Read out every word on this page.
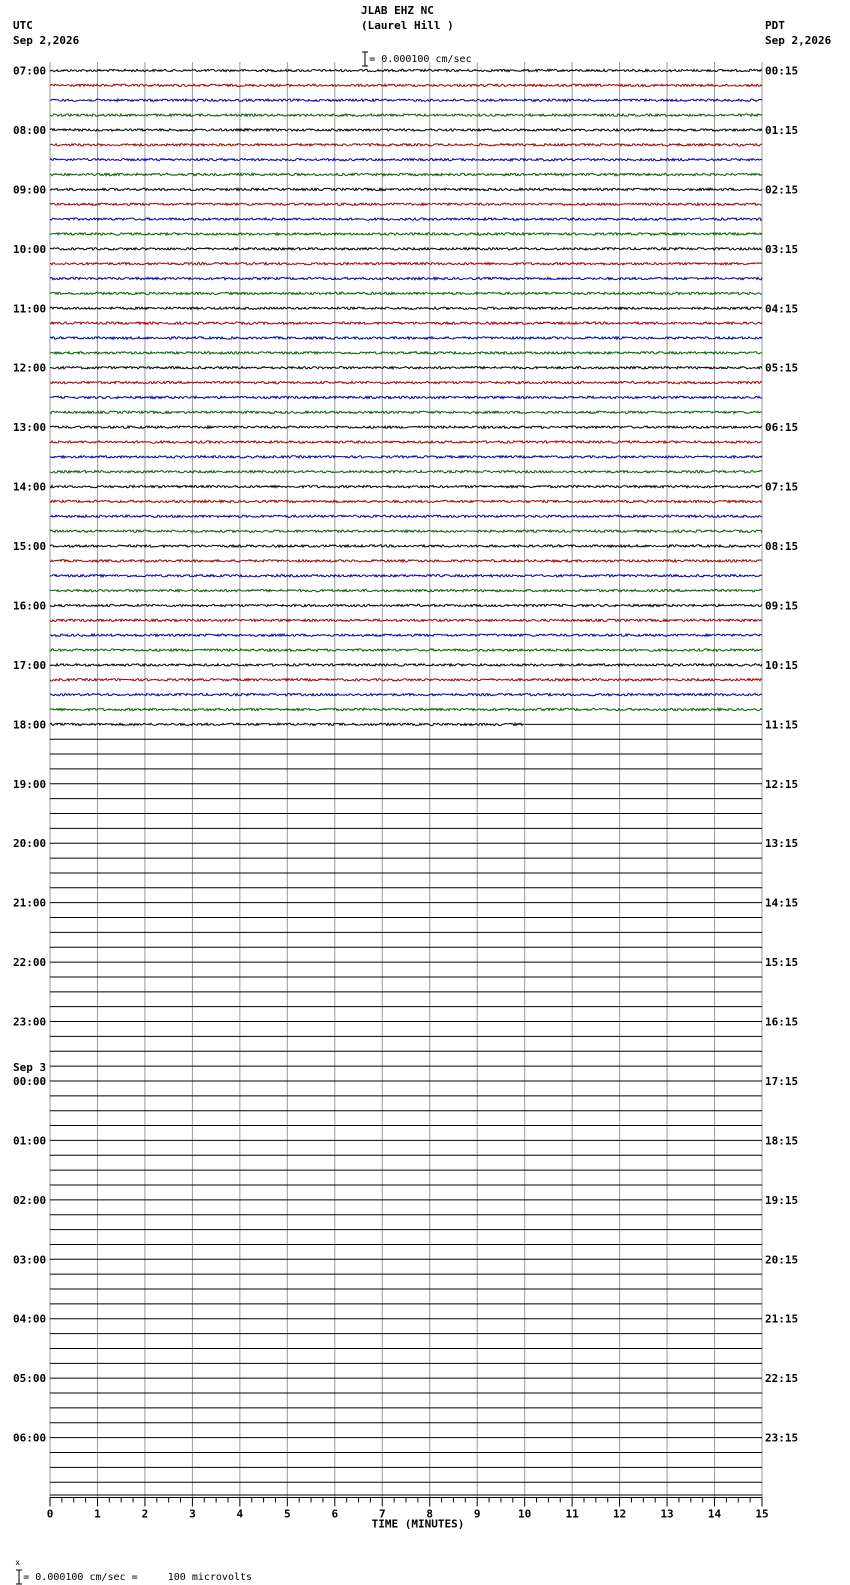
JLAB EHZ NC
(Laurel Hill )

= 0.000100 cm/sec

UTC
Sep 2,2026
PDT
Sep 2,2026
07:00	00:15
08:00	01:15
09:00	02:15
10:00	03:15
11:00	04:15
12:00	05:15
13:00	06:15
14:00	07:15
15:00	08:15
16:00	09:15
17:00	10:15
18:00	11:15
19:00	12:15
20:00	13:15
21:00	14:15
22:00	15:15
23:00	16:15
00:00	17:15
Sep 3
01:00	18:15
02:00	19:15
03:00	20:15
04:00	21:15
05:00	22:15
06:00	23:15
0	1	2	3	4	5	6	7	8	9	10	11	12	13	14	15
TIME (MINUTES)

x
= 0.000100 cm/sec =     100 microvolts
